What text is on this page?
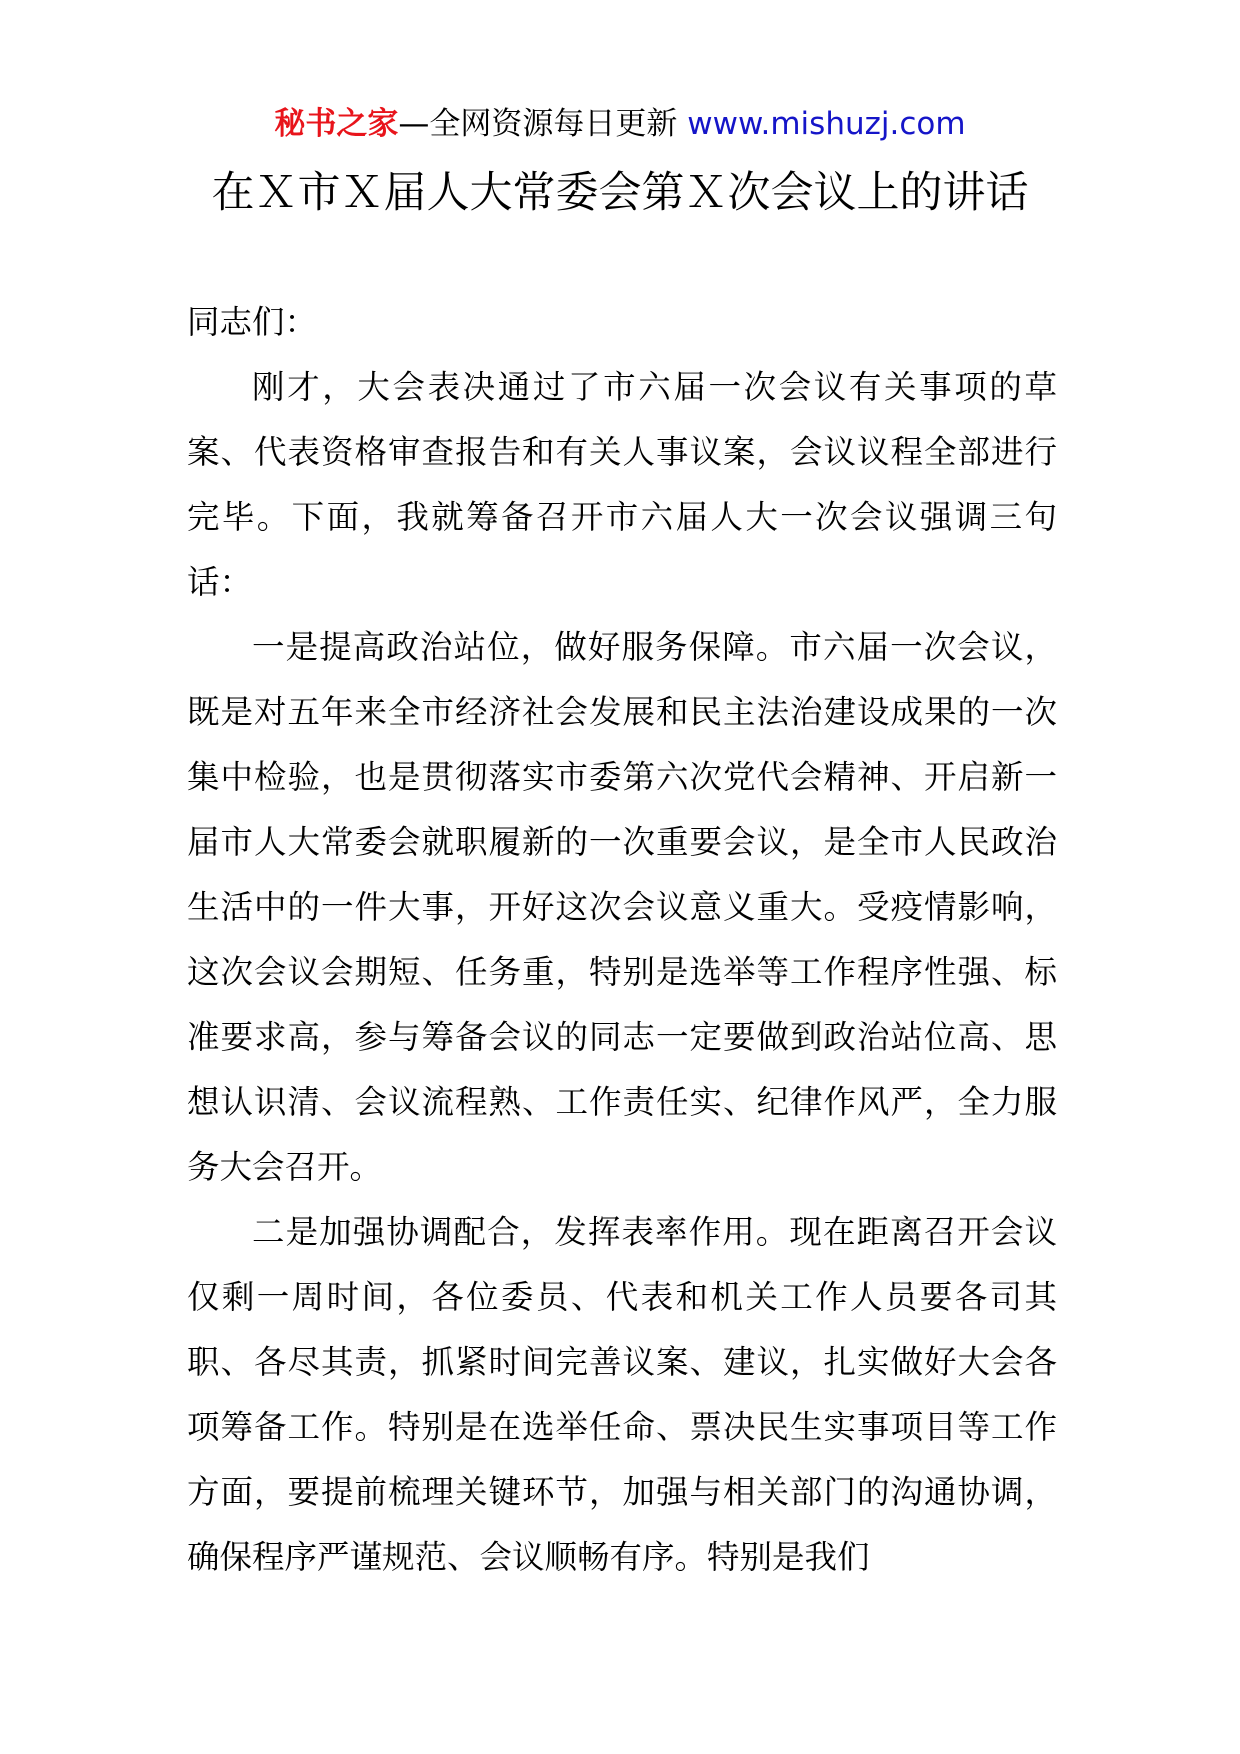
秘书之家—全网资源每日更新 www.mishuzj.com
在Ｘ市Ｘ届人大常委会第Ｘ次会议上的讲话

同志们：

刚才，大会表决通过了市六届一次会议有关事项的草案、代表资格审查报告和有关人事议案，会议议程全部进行完毕。下面，我就筹备召开市六届人大一次会议强调三句话：

一是提高政治站位，做好服务保障。市六届一次会议，既是对五年来全市经济社会发展和民主法治建设成果的一次集中检验，也是贯彻落实市委第六次党代会精神、开启新一届市人大常委会就职履新的一次重要会议，是全市人民政治生活中的一件大事，开好这次会议意义重大。受疫情影响，这次会议会期短、任务重，特别是选举等工作程序性强、标准要求高，参与筹备会议的同志一定要做到政治站位高、思想认识清、会议流程熟、工作责任实、纪律作风严，全力服务大会召开。

二是加强协调配合，发挥表率作用。现在距离召开会议仅剩一周时间，各位委员、代表和机关工作人员要各司其职、各尽其责，抓紧时间完善议案、建议，扎实做好大会各项筹备工作。特别是在选举任命、票决民生实事项目等工作方面，要提前梳理关键环节，加强与相关部门的沟通协调，确保程序严谨规范、会议顺畅有序。特别是我们
